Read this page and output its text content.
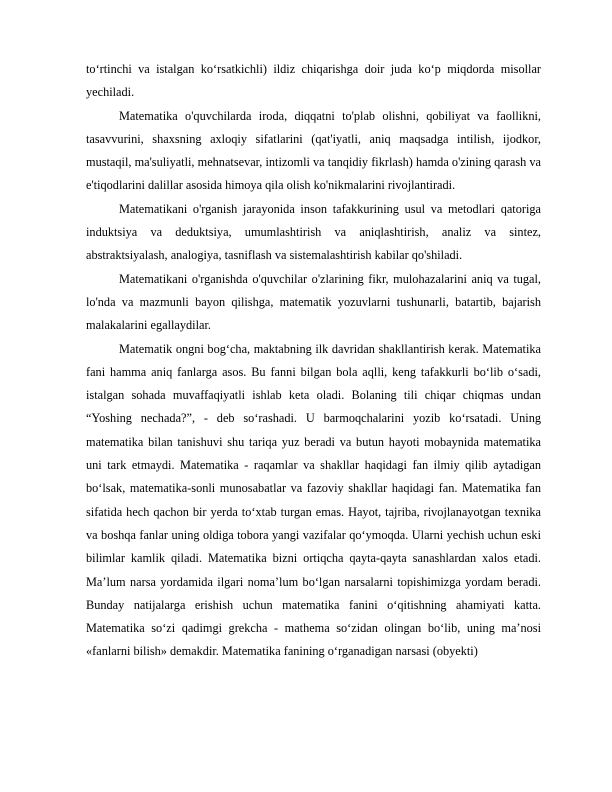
to‘rtinchi va istalgan ko‘rsatkichli) ildiz chiqarishga doir juda ko‘p miqdorda misollar yechiladi.

Matematika o'quvchilarda iroda, diqqatni to'plab olishni, qobiliyat va faollikni, tasavvurini, shaxsning axloqiy sifatlarini (qat'iyatli, aniq maqsadga intilish, ijodkor, mustaqil, ma'suliyatli, mehnatsevar, intizomli va tanqidiy fikrlash) hamda o'zining qarash va e'tiqodlarini dalillar asosida himoya qila olish ko'nikmalarini rivojlantiradi.

Matematikani o'rganish jarayonida inson tafakkurining usul va metodlari qatoriga induktsiya va deduktsiya, umumlashtirish va aniqlashtirish, analiz va sintez, abstraktsiyalash, analogiya, tasniflash va sistemalashtirish kabilar qo'shiladi.

Matematikani o'rganishda o'quvchilar o'zlarining fikr, mulohazalarini aniq va tugal, lo'nda va mazmunli bayon qilishga, matematik yozuvlarni tushunarli, batartib, bajarish malakalarini egallaydilar.

Matematik ongni bog‘cha, maktabning ilk davridan shakllantirish kerak. Matematika fani hamma aniq fanlarga asos. Bu fanni bilgan bola aqlli, keng tafakkurli bo‘lib o‘sadi, istalgan sohada muvaffaqiyatli ishlab keta oladi. Bolaning tili chiqar chiqmas undan “Yoshing nechada?”, - deb so‘rashadi. U barmoqchalarini yozib ko‘rsatadi. Uning matematika bilan tanishuvi shu tariqa yuz beradi va butun hayoti mobaynida matematika uni tark etmaydi. Matematika - raqamlar va shakllar haqidagi fan ilmiy qilib aytadigan bo‘lsak, matematika-sonli munosabatlar va fazoviy shakllar haqidagi fan. Matematika fan sifatida hech qachon bir yerda to‘xtab turgan emas. Hayot, tajriba, rivojlanayotgan texnika va boshqa fanlar uning oldiga tobora yangi vazifalar qo‘ymoqda. Ularni yechish uchun eski bilimlar kamlik qiladi. Matematika bizni ortiqcha qayta-qayta sanashlardan xalos etadi. Ma’lum narsa yordamida ilgari noma’lum bo‘lgan narsalarni topishimizga yordam beradi. Bunday natijalarga erishish uchun matematika fanini o‘qitishning ahamiyati katta. Matematika so‘zi qadimgi grekcha - mathema so‘zidan olingan bo‘lib, uning ma’nosi «fanlarni bilish» demakdir. Matematika fanining o‘rganadigan narsasi (obyekti)
